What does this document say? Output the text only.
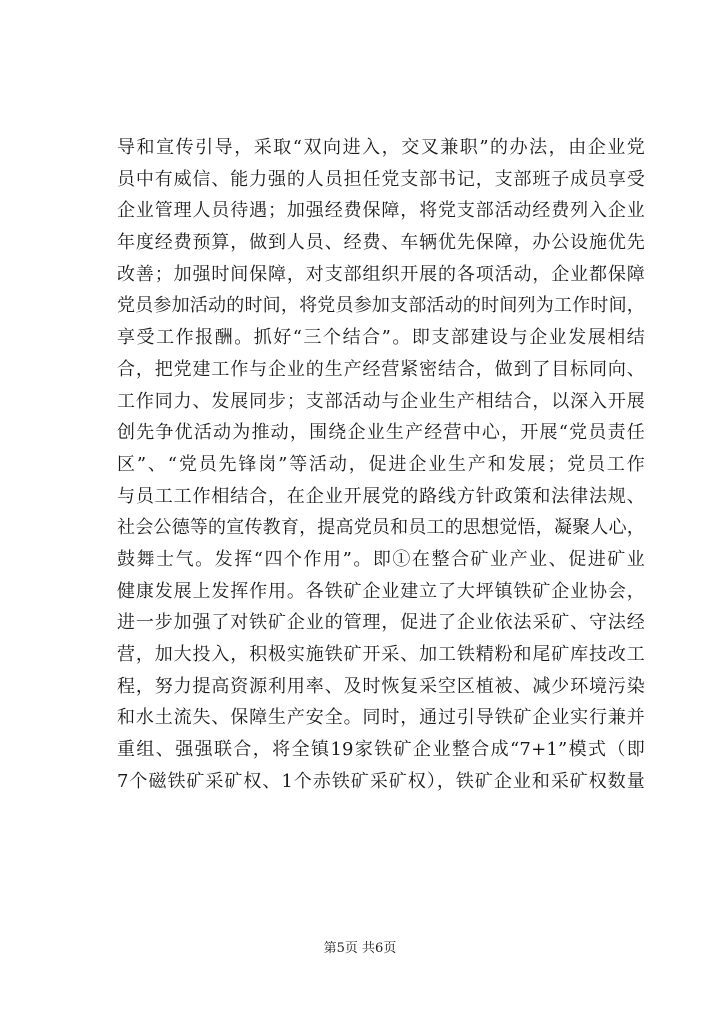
导和宣传引导，采取“双向进入，交叉兼职”的办法，由企业党
员中有威信、能力强的人员担任党支部书记，支部班子成员享受
企业管理人员待遇；加强经费保障，将党支部活动经费列入企业
年度经费预算，做到人员、经费、车辆优先保障，办公设施优先
改善；加强时间保障，对支部组织开展的各项活动，企业都保障
党员参加活动的时间，将党员参加支部活动的时间列为工作时间，
享受工作报酬。抓好“三个结合”。即支部建设与企业发展相结
合，把党建工作与企业的生产经营紧密结合，做到了目标同向、
工作同力、发展同步；支部活动与企业生产相结合，以深入开展
创先争优活动为推动，围绕企业生产经营中心，开展“党员责任
区”、“党员先锋岗”等活动，促进企业生产和发展；党员工作
与员工工作相结合，在企业开展党的路线方针政策和法律法规、
社会公德等的宣传教育，提高党员和员工的思想觉悟，凝聚人心，
鼓舞士气。发挥“四个作用”。即①在整合矿业产业、促进矿业
健康发展上发挥作用。各铁矿企业建立了大坪镇铁矿企业协会，
进一步加强了对铁矿企业的管理，促进了企业依法采矿、守法经
营，加大投入，积极实施铁矿开采、加工铁精粉和尾矿库技改工
程，努力提高资源利用率、及时恢复采空区植被、减少环境污染
和水土流失、保障生产安全。同时，通过引导铁矿企业实行兼并
重组、强强联合，将全镇19家铁矿企业整合成“7+1”模式（即
7个磁铁矿采矿权、1个赤铁矿采矿权），铁矿企业和采矿权数量
第5页 共6页
